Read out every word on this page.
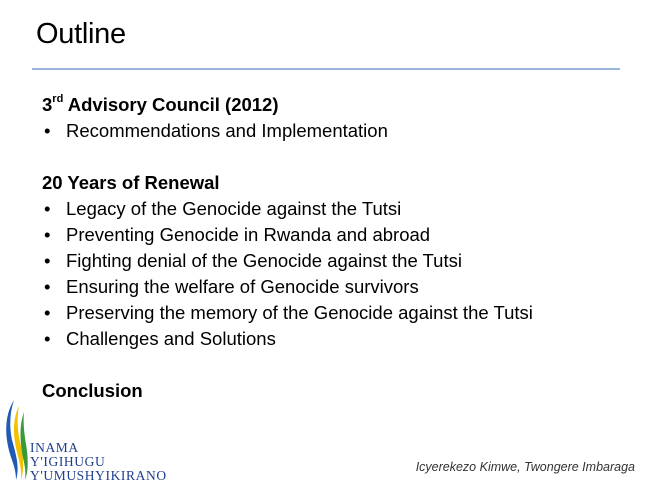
Outline
3rd Advisory Council (2012)
• Recommendations and Implementation
20 Years of Renewal
• Legacy of the Genocide against the Tutsi
• Preventing Genocide in Rwanda and abroad
• Fighting denial of the Genocide against the Tutsi
• Ensuring the welfare of Genocide survivors
• Preserving the memory of the Genocide against the Tutsi
• Challenges and Solutions
Conclusion
INAMA
Y'IGIHUGU
Y'UMUSHYIKIRANO
Icyerekezo Kimwe, Twongere Imbaraga
